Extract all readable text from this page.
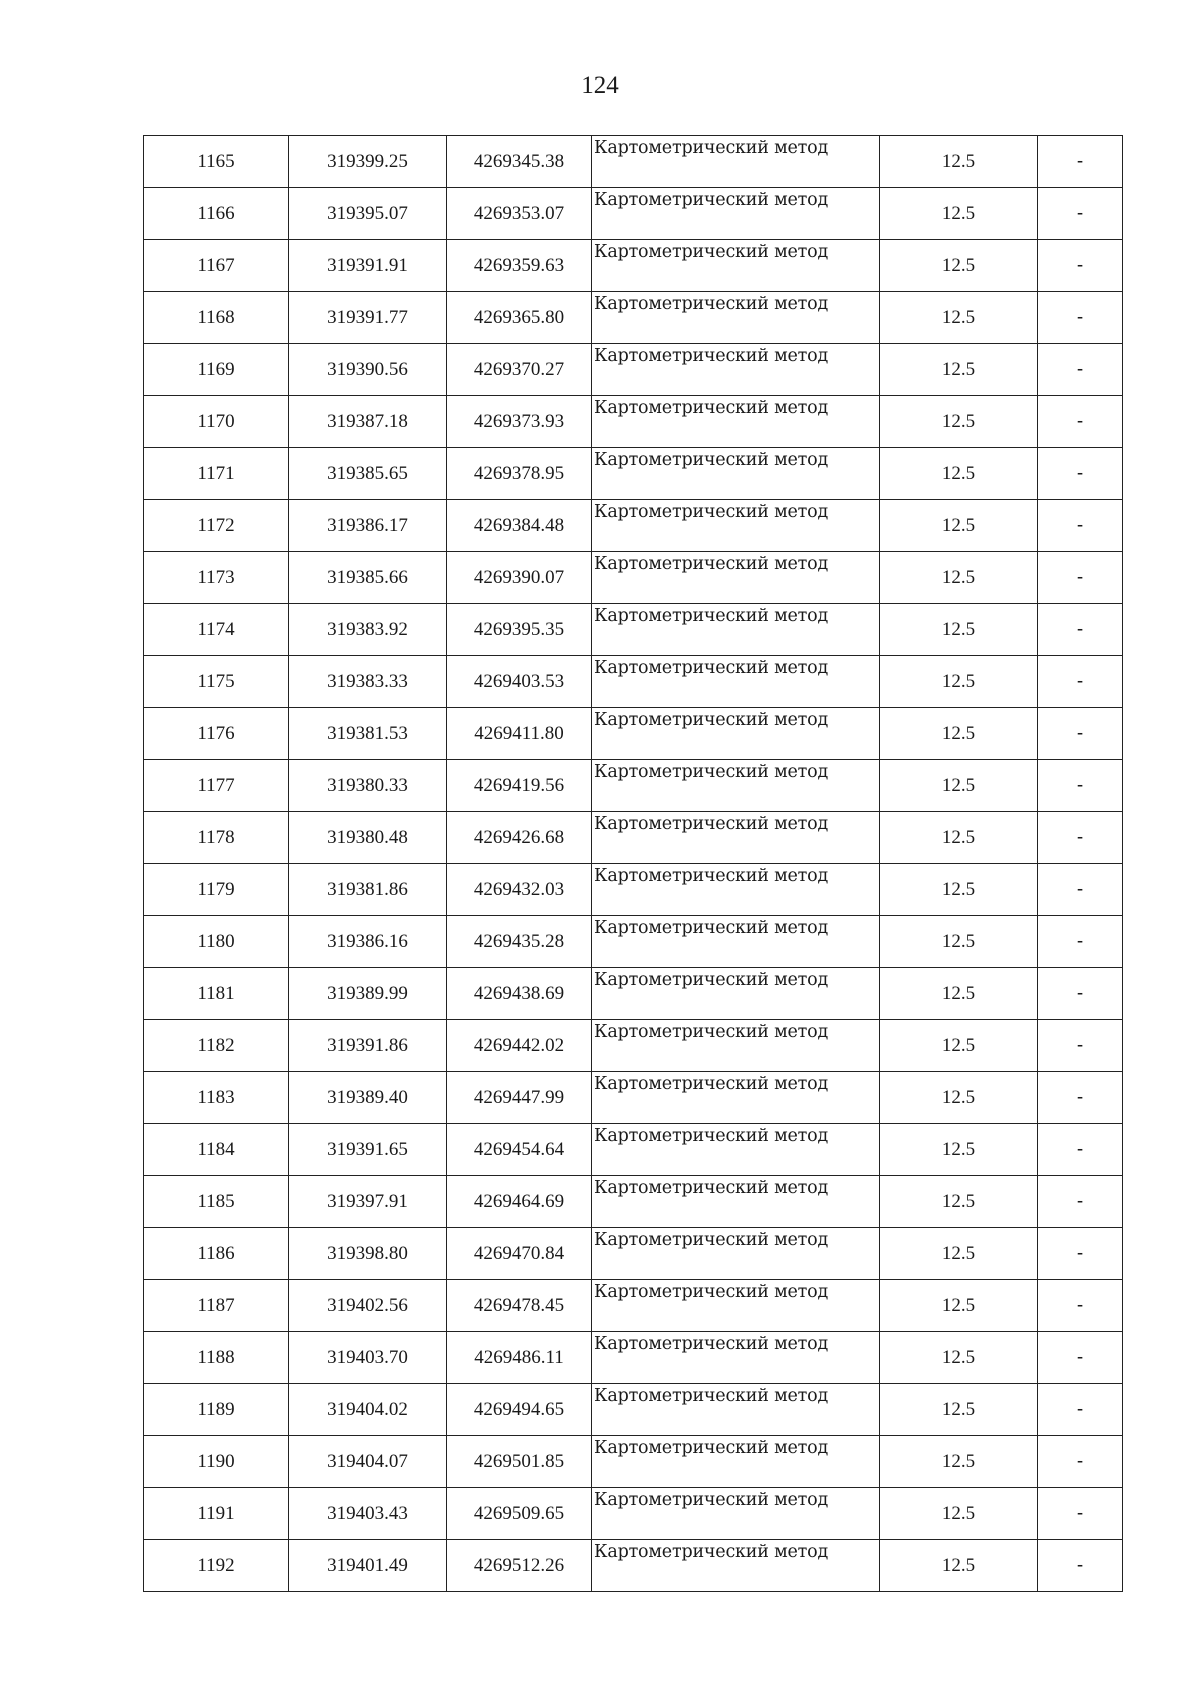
124
1165	319399.25	4269345.38	Картометрический метод	12.5	-
1166	319395.07	4269353.07	Картометрический метод	12.5	-
1167	319391.91	4269359.63	Картометрический метод	12.5	-
1168	319391.77	4269365.80	Картометрический метод	12.5	-
1169	319390.56	4269370.27	Картометрический метод	12.5	-
1170	319387.18	4269373.93	Картометрический метод	12.5	-
1171	319385.65	4269378.95	Картометрический метод	12.5	-
1172	319386.17	4269384.48	Картометрический метод	12.5	-
1173	319385.66	4269390.07	Картометрический метод	12.5	-
1174	319383.92	4269395.35	Картометрический метод	12.5	-
1175	319383.33	4269403.53	Картометрический метод	12.5	-
1176	319381.53	4269411.80	Картометрический метод	12.5	-
1177	319380.33	4269419.56	Картометрический метод	12.5	-
1178	319380.48	4269426.68	Картометрический метод	12.5	-
1179	319381.86	4269432.03	Картометрический метод	12.5	-
1180	319386.16	4269435.28	Картометрический метод	12.5	-
1181	319389.99	4269438.69	Картометрический метод	12.5	-
1182	319391.86	4269442.02	Картометрический метод	12.5	-
1183	319389.40	4269447.99	Картометрический метод	12.5	-
1184	319391.65	4269454.64	Картометрический метод	12.5	-
1185	319397.91	4269464.69	Картометрический метод	12.5	-
1186	319398.80	4269470.84	Картометрический метод	12.5	-
1187	319402.56	4269478.45	Картометрический метод	12.5	-
1188	319403.70	4269486.11	Картометрический метод	12.5	-
1189	319404.02	4269494.65	Картометрический метод	12.5	-
1190	319404.07	4269501.85	Картометрический метод	12.5	-
1191	319403.43	4269509.65	Картометрический метод	12.5	-
1192	319401.49	4269512.26	Картометрический метод	12.5	-
